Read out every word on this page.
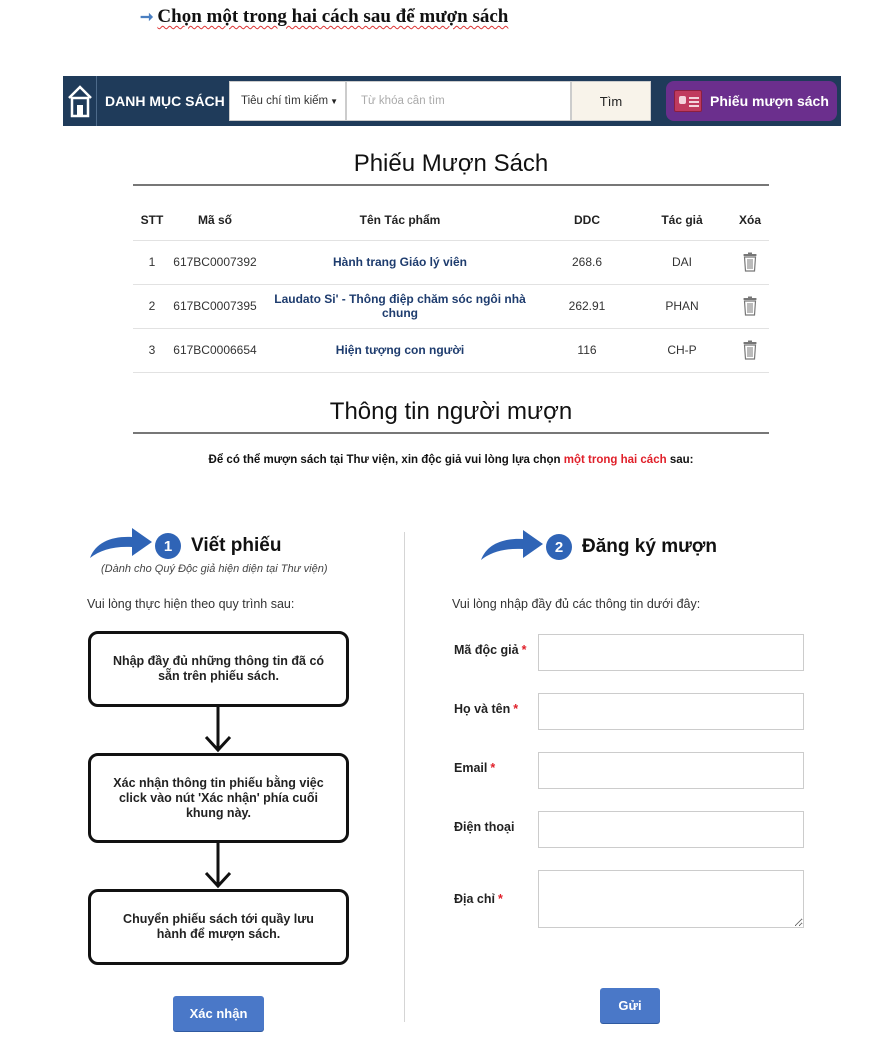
➞ Chọn một trong hai cách sau để mượn sách
DANH MỤC SÁCH Tiêu chí tìm kiếm ▼
Từ khóa cần tìm	Tìm	Phiếu mượn sách
Phiếu Mượn Sách
STT	Mã số	Tên Tác phẩm	DDC	Tác giả	Xóa
1	617BC0007392	Hành trang Giáo lý viên	268.6	DAI	
2	617BC0007395	Laudato Si' - Thông điệp chăm sóc ngôi nhà chung	262.91	PHAN	
3	617BC0006654	Hiện tượng con người	116	CH-P	
Thông tin người mượn
Để có thể mượn sách tại Thư viện, xin độc giả vui lòng lựa chọn một trong hai cách sau:
1 Viết phiếu
(Dành cho Quý Độc giả hiện diện tại Thư viện)
Vui lòng thực hiện theo quy trình sau:
Nhập đầy đủ những thông tin đã có sẵn trên phiếu sách.
Xác nhận thông tin phiếu bằng việc click vào nút 'Xác nhận' phía cuối khung này.
Chuyển phiếu sách tới quầy lưu hành để mượn sách.
Xác nhận
2 Đăng ký mượn
Vui lòng nhập đầy đủ các thông tin dưới đây:
Mã độc giả *
Họ và tên *
Email *
Điện thoại
Địa chỉ *
Gửi
